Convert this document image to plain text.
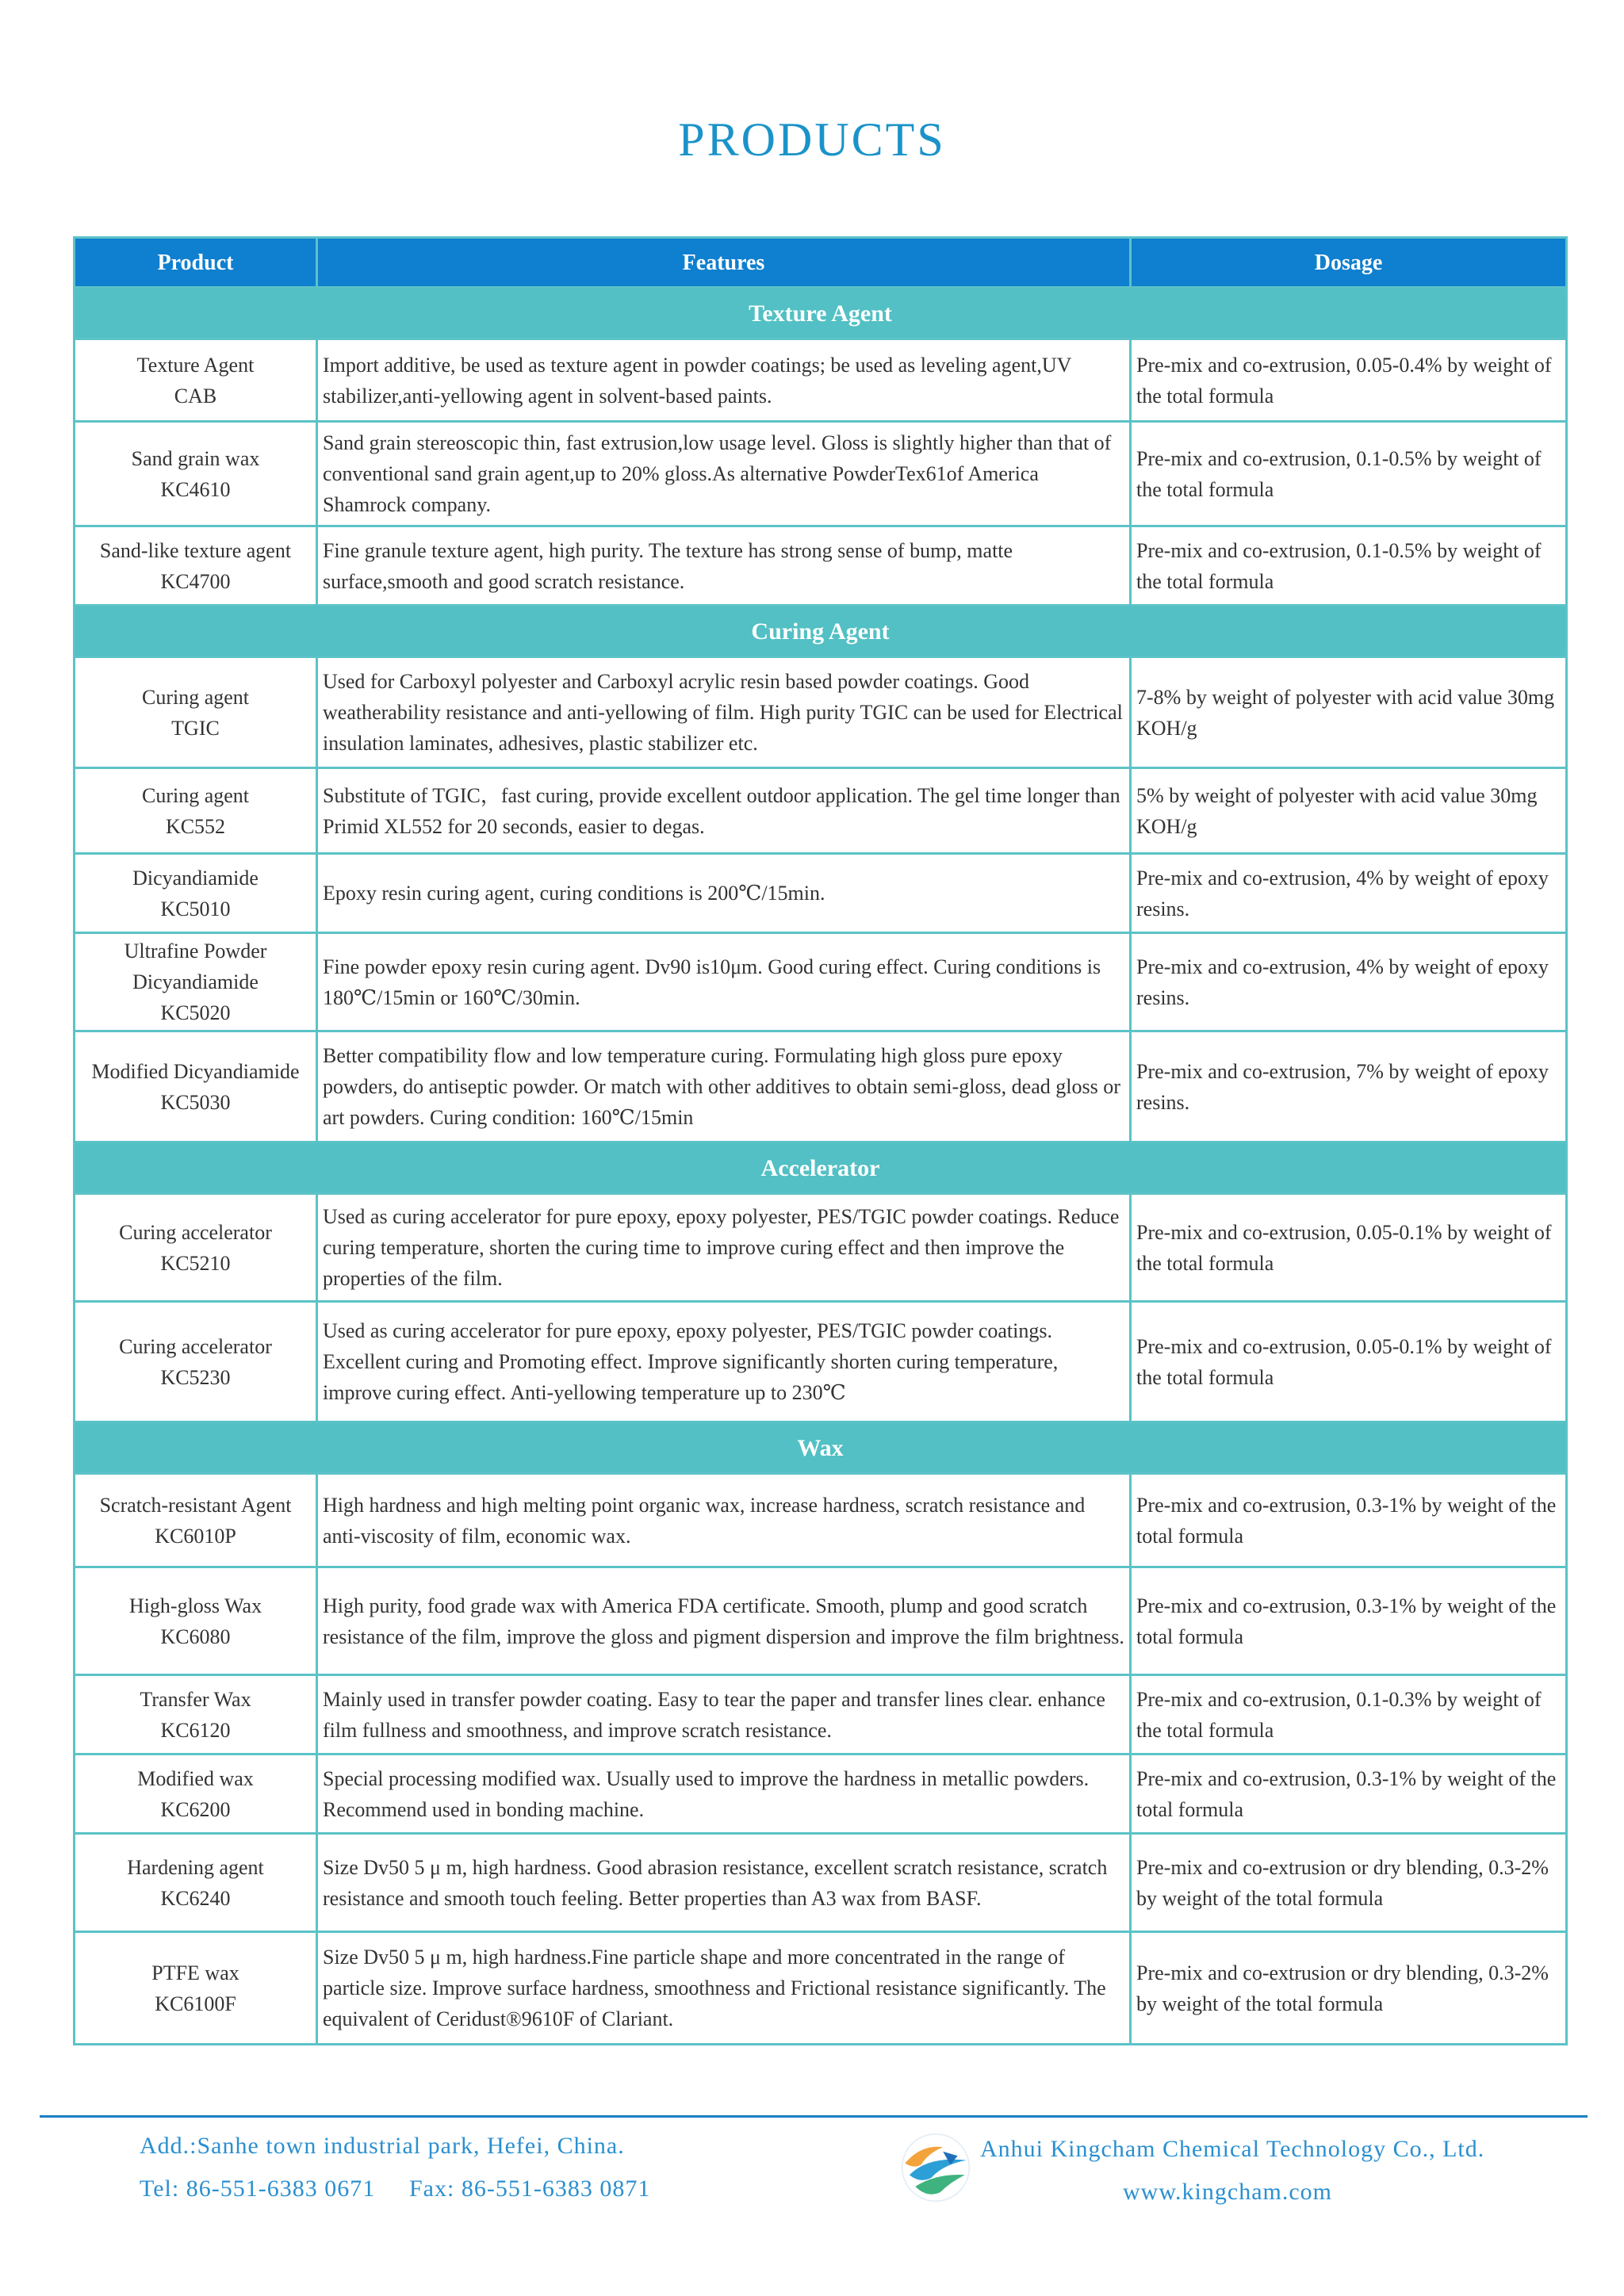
PRODUCTS
Product	Features	Dosage
Texture Agent		

Texture Agent
CAB	Import additive, be used as texture agent in powder coatings; be used as leveling agent,UV stabilizer,anti-yellowing agent in solvent-based paints.	Pre-mix and co-extrusion, 0.05-0.4% by weight of the total formula

Sand grain wax
KC4610	Sand grain stereoscopic thin, fast extrusion,low usage level. Gloss is slightly higher than that of conventional sand grain agent,up to 20% gloss.As alternative PowderTex61of America Shamrock company.	Pre-mix and co-extrusion, 0.1-0.5% by weight of the total formula

Sand-like texture agent
KC4700	Fine granule texture agent, high purity. The texture has strong sense of bump, matte surface,smooth and good scratch resistance.	Pre-mix and co-extrusion, 0.1-0.5% by weight of the total formula
Curing Agent		

Curing agent
TGIC	Used for Carboxyl polyester and Carboxyl acrylic resin based powder coatings. Good weatherability resistance and anti-yellowing of film. High purity TGIC can be used for Electrical insulation laminates, adhesives, plastic stabilizer etc.	7-8% by weight of polyester with acid value 30mg KOH/g

Curing agent
KC552	Substitute of TGIC，fast curing, provide excellent outdoor application. The gel time longer than Primid XL552 for 20 seconds, easier to degas.	5% by weight of polyester with acid value 30mg KOH/g

Dicyandiamide
KC5010	Epoxy resin curing agent, curing conditions is 200℃/15min.	Pre-mix and co-extrusion, 4% by weight of epoxy resins.

Ultrafine Powder
Dicyandiamide
KC5020	Fine powder epoxy resin curing agent. Dv90 is10μm. Good curing effect. Curing conditions is 180℃/15min or 160℃/30min.	Pre-mix and co-extrusion, 4% by weight of epoxy resins.

Modified Dicyandiamide
KC5030	Better compatibility flow and low temperature curing. Formulating high gloss pure epoxy powders, do antiseptic powder. Or match with other additives to obtain semi-gloss, dead gloss or art powders. Curing condition: 160℃/15min	Pre-mix and co-extrusion, 7% by weight of epoxy resins.
Accelerator		

Curing accelerator
KC5210	Used as curing accelerator for pure epoxy, epoxy polyester, PES/TGIC powder coatings. Reduce curing temperature, shorten the curing time to improve curing effect and then improve the properties of the film.	Pre-mix and co-extrusion, 0.05-0.1% by weight of the total formula

Curing accelerator
KC5230	Used as curing accelerator for pure epoxy, epoxy polyester, PES/TGIC powder coatings. Excellent curing and Promoting effect. Improve significantly shorten curing temperature, improve curing effect. Anti-yellowing temperature up to 230℃	Pre-mix and co-extrusion, 0.05-0.1% by weight of the total formula
Wax		

Scratch-resistant Agent
KC6010P	High hardness and high melting point organic wax, increase hardness, scratch resistance and anti-viscosity of film, economic wax.	Pre-mix and co-extrusion, 0.3-1% by weight of the total formula

High-gloss Wax
KC6080	High purity, food grade wax with America FDA certificate. Smooth, plump and good scratch resistance of the film, improve the gloss and pigment dispersion and improve the film brightness.	Pre-mix and co-extrusion, 0.3-1% by weight of the total formula

Transfer Wax
KC6120	Mainly used in transfer powder coating. Easy to tear the paper and transfer lines clear. enhance film fullness and smoothness, and improve scratch resistance.	Pre-mix and co-extrusion, 0.1-0.3% by weight of the total formula

Modified wax
KC6200	Special processing modified wax. Usually used to improve the hardness in metallic powders. Recommend used in bonding machine.	Pre-mix and co-extrusion, 0.3-1% by weight of the total formula

Hardening agent
KC6240	Size Dv50 5 μ m, high hardness. Good abrasion resistance, excellent scratch resistance, scratch resistance and smooth touch feeling. Better properties than A3 wax from BASF.	Pre-mix and co-extrusion or dry blending, 0.3-2% by weight of the total formula

PTFE wax
KC6100F	Size Dv50 5 μ m, high hardness.Fine particle shape and more concentrated in the range of particle size. Improve surface hardness, smoothness and Frictional resistance significantly. The equivalent of Ceridust®9610F of Clariant.	Pre-mix and co-extrusion or dry blending, 0.3-2% by weight of the total formula
Add.:Sanhe town industrial park, Hefei, China.
Tel: 86-551-6383 0671 Fax: 86-551-6383 0871
Anhui Kingcham Chemical Technology Co., Ltd.
www.kingcham.com
